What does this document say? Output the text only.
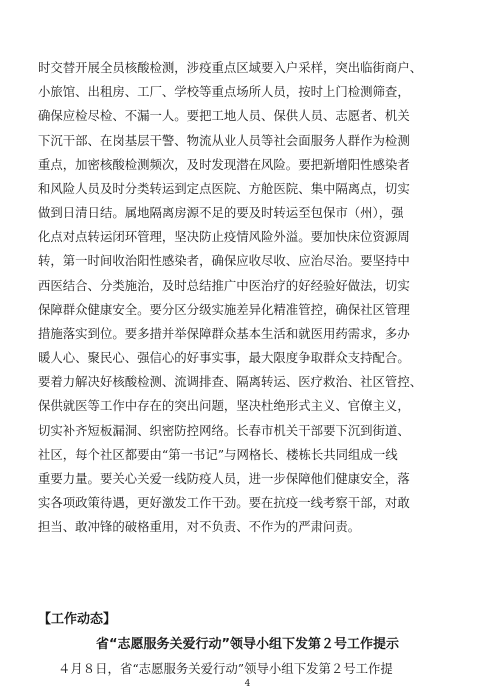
时交替开展全员核酸检测，涉疫重点区域要入户采样，突出临街商户、
小旅馆、出租房、工厂、学校等重点场所人员，按时上门检测筛查，
确保应检尽检、不漏一人。要把工地人员、保供人员、志愿者、机关
下沉干部、在岗基层干警、物流从业人员等社会面服务人群作为检测
重点，加密核酸检测频次，及时发现潜在风险。要把新增阳性感染者
和风险人员及时分类转运到定点医院、方舱医院、集中隔离点，切实
做到日清日结。属地隔离房源不足的要及时转运至包保市（州），强
化点对点转运闭环管理，坚决防止疫情风险外溢。要加快床位资源周
转，第一时间收治阳性感染者，确保应收尽收、应治尽治。要坚持中
西医结合、分类施治，及时总结推广中医治疗的好经验好做法，切实
保障群众健康安全。要分区分级实施差异化精准管控，确保社区管理
措施落实到位。要多措并举保障群众基本生活和就医用药需求，多办
暖人心、聚民心、强信心的好事实事，最大限度争取群众支持配合。
要着力解决好核酸检测、流调排查、隔离转运、医疗救治、社区管控、
保供就医等工作中存在的突出问题，坚决杜绝形式主义、官僚主义，
切实补齐短板漏洞、织密防控网络。长春市机关干部要下沉到街道、
社区，每个社区都要由“第一书记”与网格长、楼栋长共同组成一线
重要力量。要关心关爱一线防疫人员，进一步保障他们健康安全，落
实各项政策待遇，更好激发工作干劲。要在抗疫一线考察干部，对敢
担当、敢冲锋的破格重用，对不负责、不作为的严肃问责。
【工作动态】
省“志愿服务关爱行动”领导小组下发第２号工作提示
４月８日，省“志愿服务关爱行动”领导小组下发第２号工作提
4
